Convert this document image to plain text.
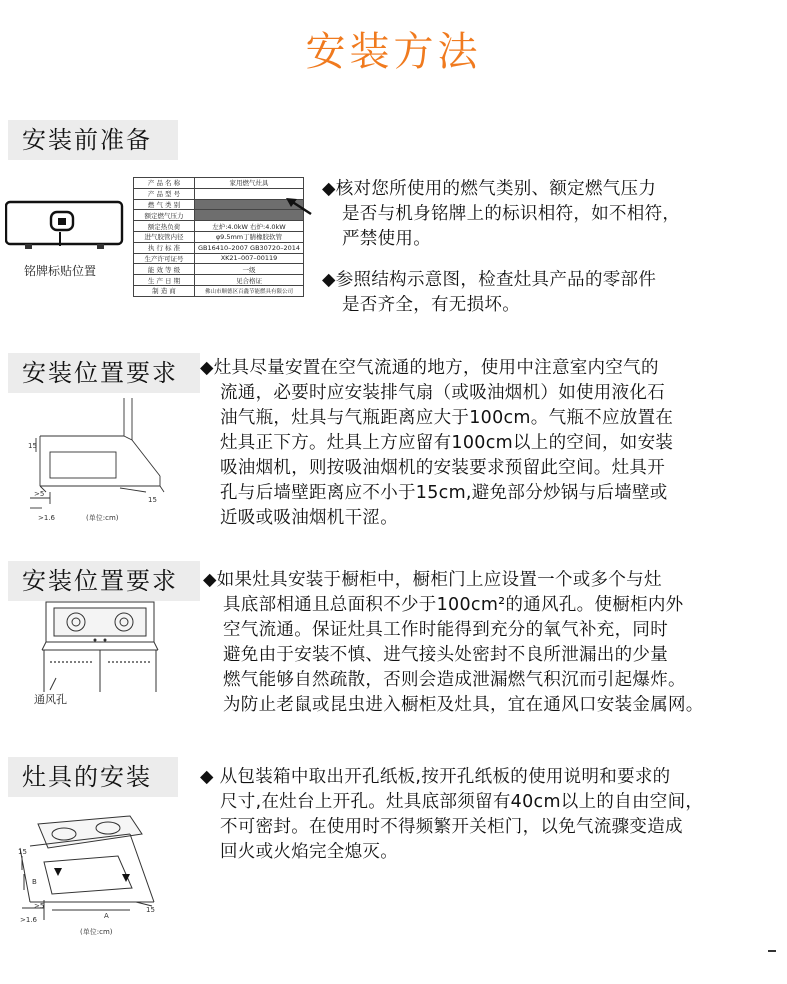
安装方法
安装前准备
铭牌标贴位置
产 品 名 称	家用燃气灶具
产 品 型 号	
燃 气 类 别	
额定燃气压力	
额定热负荷	左炉:4.0kW 右炉:4.0kW
进气胶管内径	φ9.5mm丁腈橡胶软管
执 行 标 准	GB16410–2007 GB30720–2014
生产许可证号	XK21–007–00119
能 效 等 级	一级
生 产 日 期	见合格证
制 造 商	佛山市顺德区百鑫节能燃具有限公司
◆核对您所使用的燃气类别、额定燃气压力
是否与机身铭牌上的标识相符，如不相符，
严禁使用。
◆参照结构示意图，检查灶具产品的零部件
是否齐全，有无损坏。
安装位置要求
15
>5
15
>1.6	(单位:cm)
◆灶具尽量安置在空气流通的地方，使用中注意室内空气的
流通，必要时应安装排气扇（或吸油烟机）如使用液化石
油气瓶，灶具与气瓶距离应大于100cm。气瓶不应放置在
灶具正下方。灶具上方应留有100cm以上的空间，如安装
吸油烟机，则按吸油烟机的安装要求预留此空间。灶具开
孔与后墙壁距离应不小于15cm,避免部分炒锅与后墙壁或
近吸或吸油烟机干涩。
安装位置要求
通风孔
◆如果灶具安装于橱柜中，橱柜门上应设置一个或多个与灶
具底部相通且总面积不少于100cm²的通风孔。使橱柜内外
空气流通。保证灶具工作时能得到充分的氧气补充，同时
避免由于安装不慎、进气接头处密封不良所泄漏出的少量
燃气能够自然疏散，否则会造成泄漏燃气积沉而引起爆炸。
为防止老鼠或昆虫进入橱柜及灶具，宜在通风口安装金属网。
灶具的安装
15
B
>5
>1.6	A
15
(单位:cm)
◆ 从包装箱中取出开孔纸板,按开孔纸板的使用说明和要求的
尺寸,在灶台上开孔。灶具底部须留有40cm以上的自由空间，
不可密封。在使用时不得频繁开关柜门，以免气流骤变造成
回火或火焰完全熄灭。
